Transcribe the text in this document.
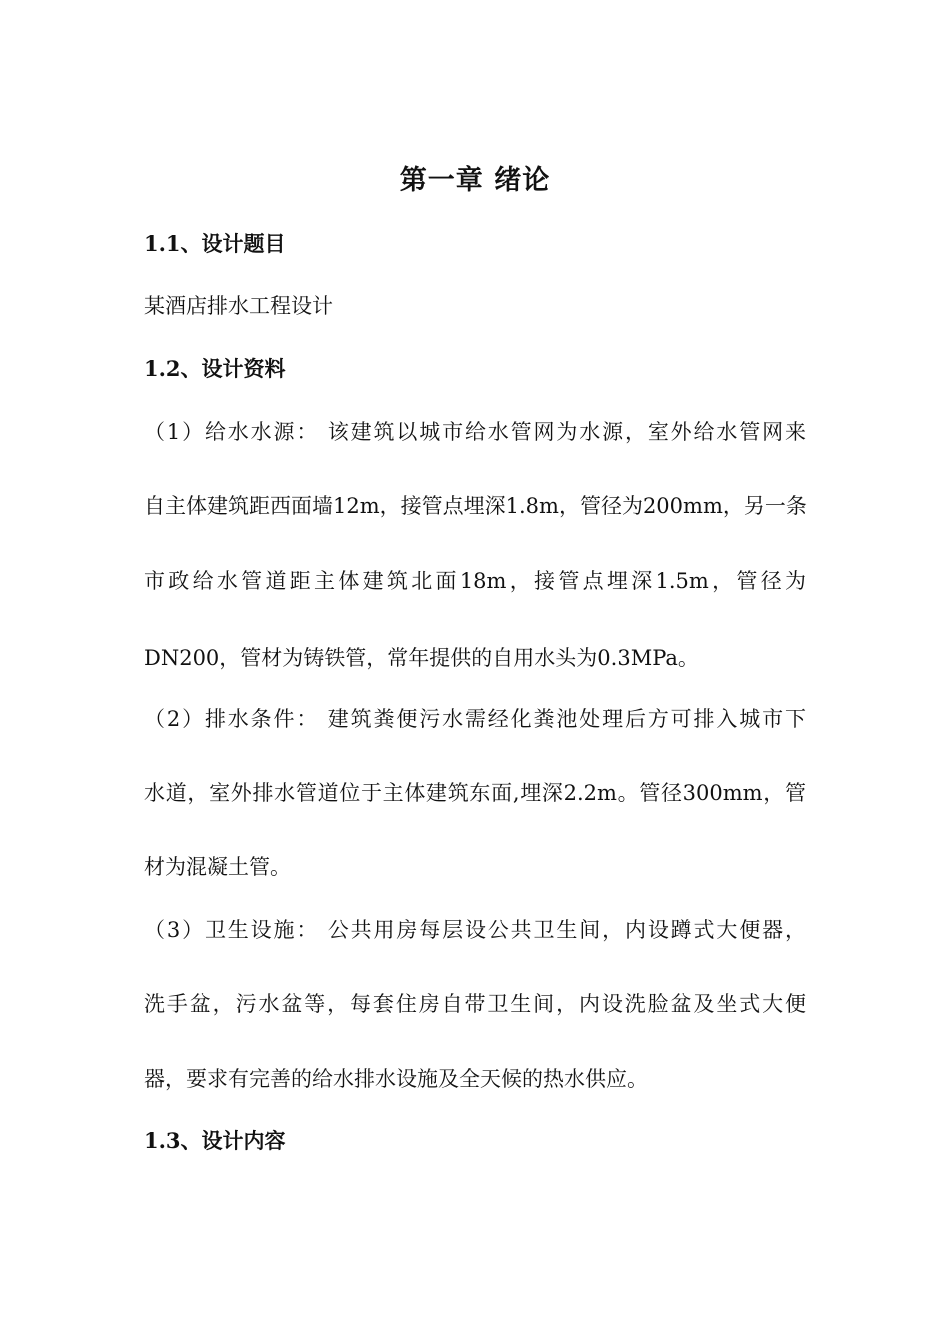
第一章 绪论
1.1、设计题目
某酒店排水工程设计
1.2、设计资料
（1）给水水源： 该建筑以城市给水管网为水源，室外给水管网来
自主体建筑距西面墙12m，接管点埋深1.8m，管径为200mm，另一条
市政给水管道距主体建筑北面18m，接管点埋深1.5m，管径为
DN200，管材为铸铁管，常年提供的自用水头为0.3MPa。
（2）排水条件： 建筑粪便污水需经化粪池处理后方可排入城市下
水道，室外排水管道位于主体建筑东面,埋深2.2m。管径300mm，管
材为混凝土管。
（3）卫生设施： 公共用房每层设公共卫生间，内设蹲式大便器，
洗手盆，污水盆等，每套住房自带卫生间，内设洗脸盆及坐式大便
器，要求有完善的给水排水设施及全天候的热水供应。
1.3、设计内容
